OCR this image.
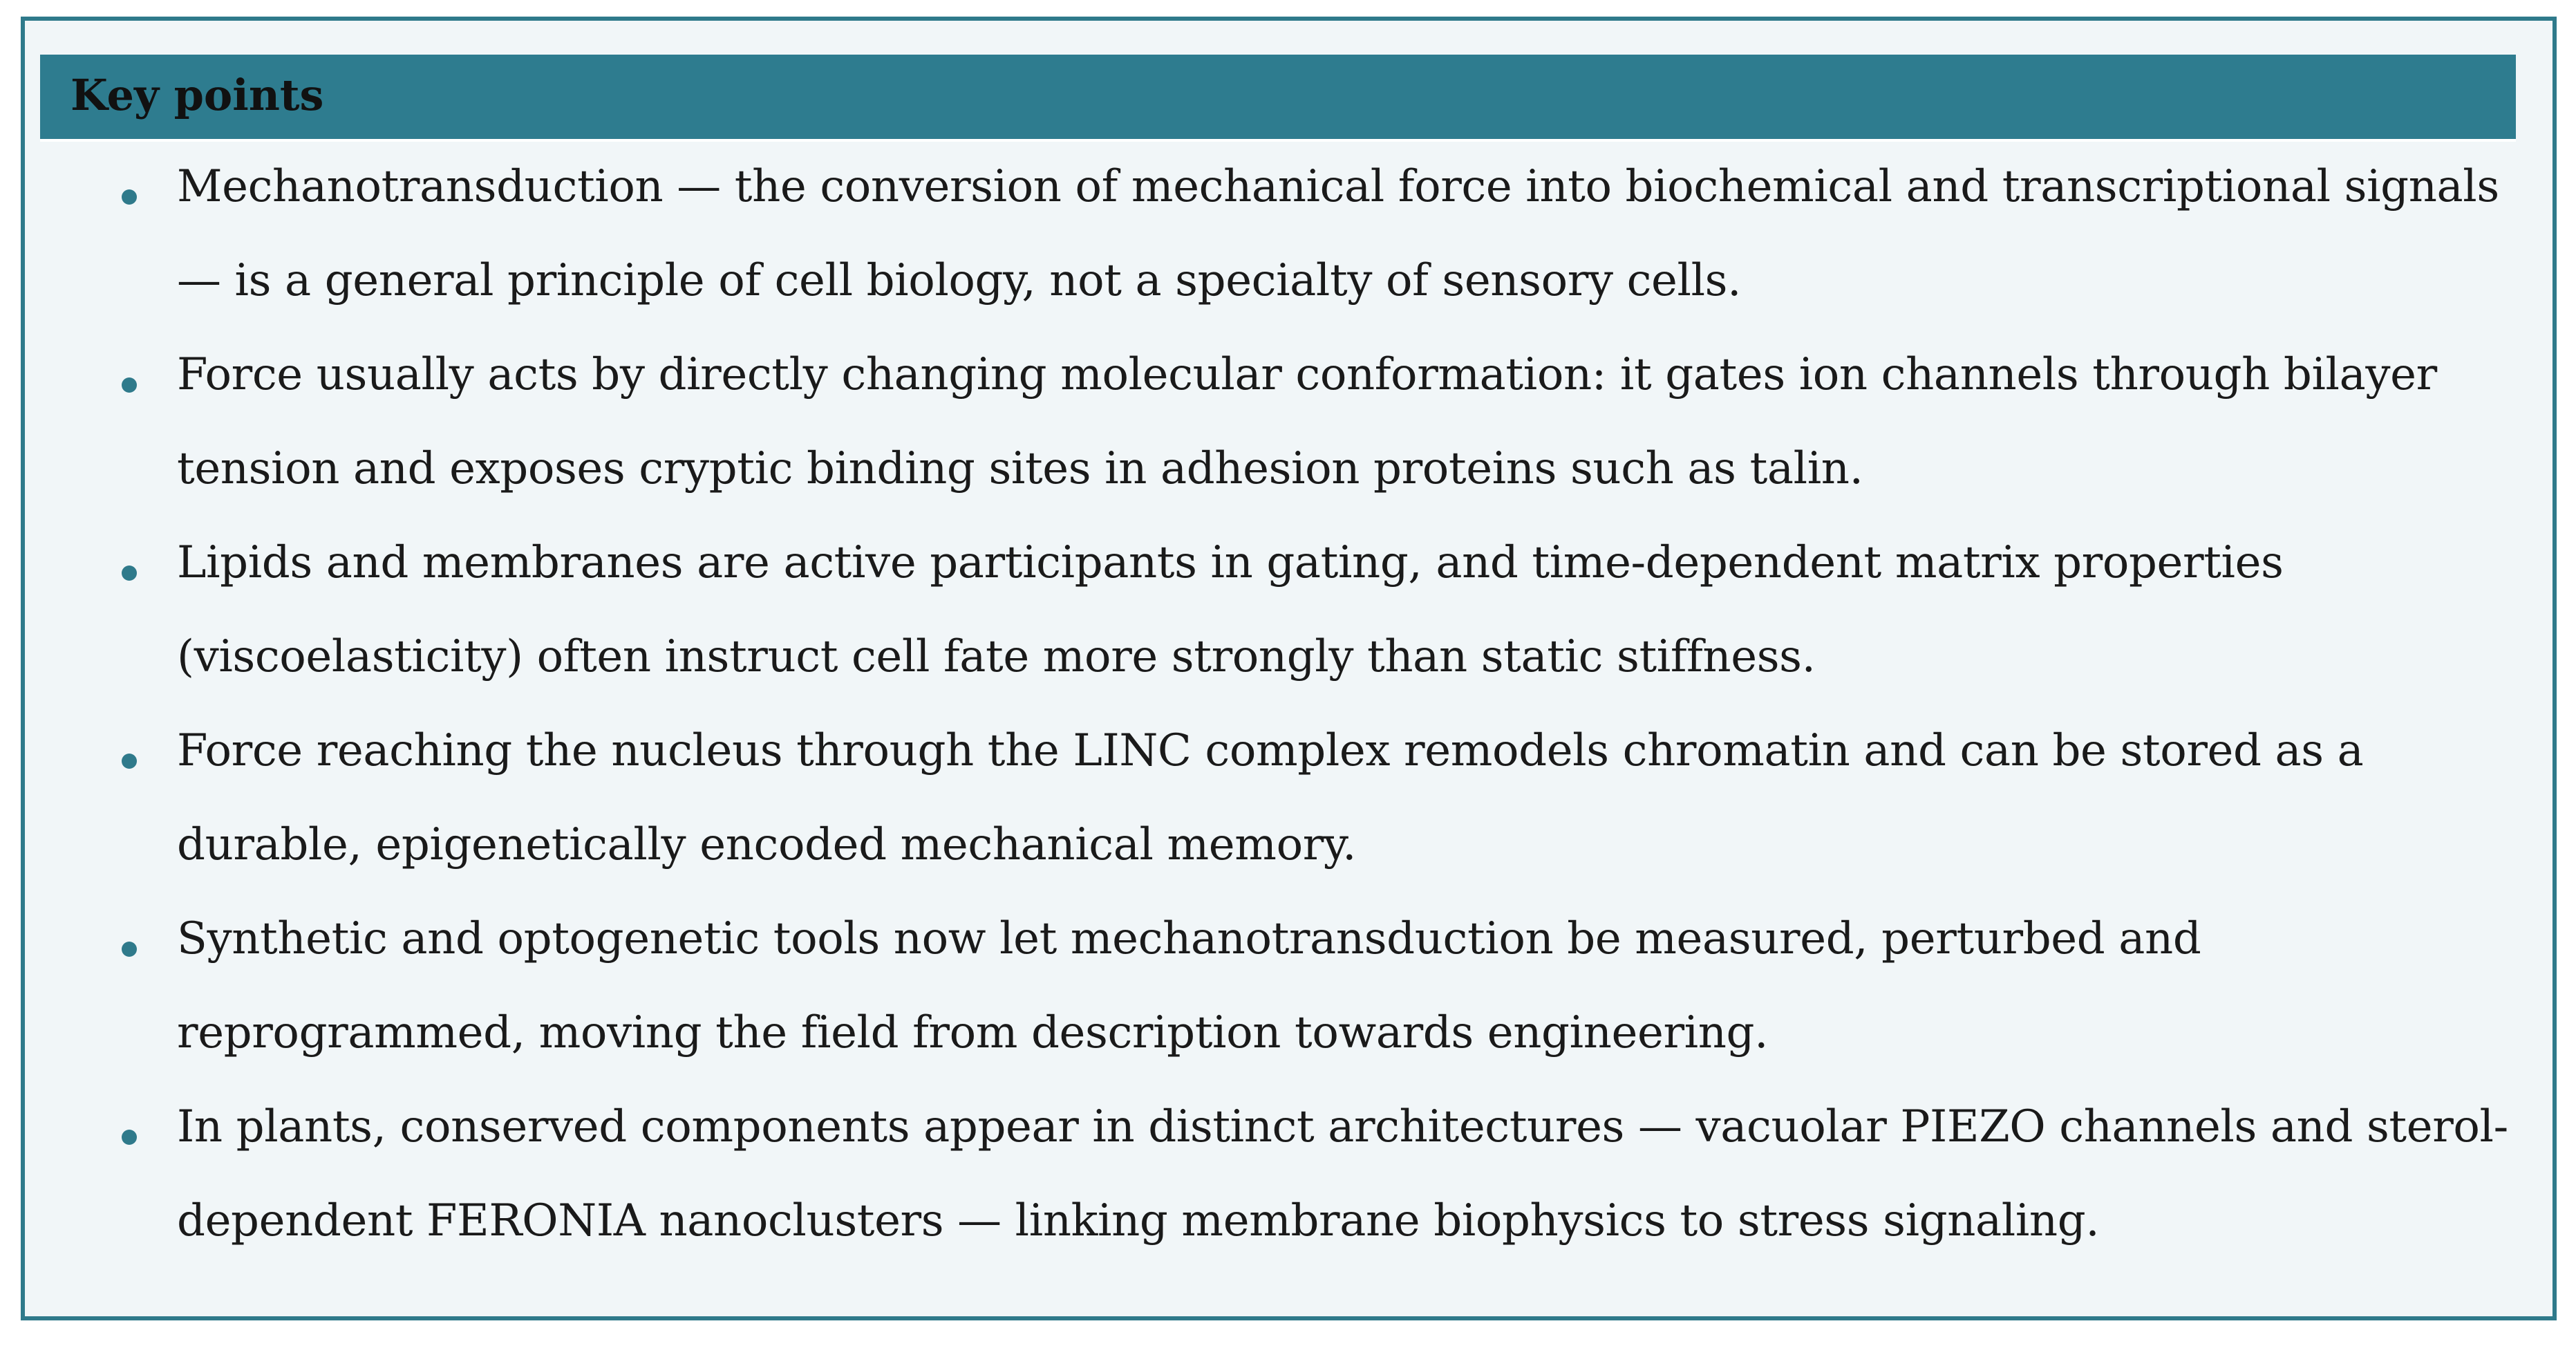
Key points

Mechanotransduction — the conversion of mechanical force into biochemical and transcriptional signals — is a general principle of cell biology, not a specialty of sensory cells.

Force usually acts by directly changing molecular conformation: it gates ion channels through bilayer tension and exposes cryptic binding sites in adhesion proteins such as talin.

Lipids and membranes are active participants in gating, and time-dependent matrix properties (viscoelasticity) often instruct cell fate more strongly than static stiffness.

Force reaching the nucleus through the LINC complex remodels chromatin and can be stored as a durable, epigenetically encoded mechanical memory.

Synthetic and optogenetic tools now let mechanotransduction be measured, perturbed and reprogrammed, moving the field from description towards engineering.

In plants, conserved components appear in distinct architectures — vacuolar PIEZO channels and sterol-dependent FERONIA nanoclusters — linking membrane biophysics to stress signaling.
